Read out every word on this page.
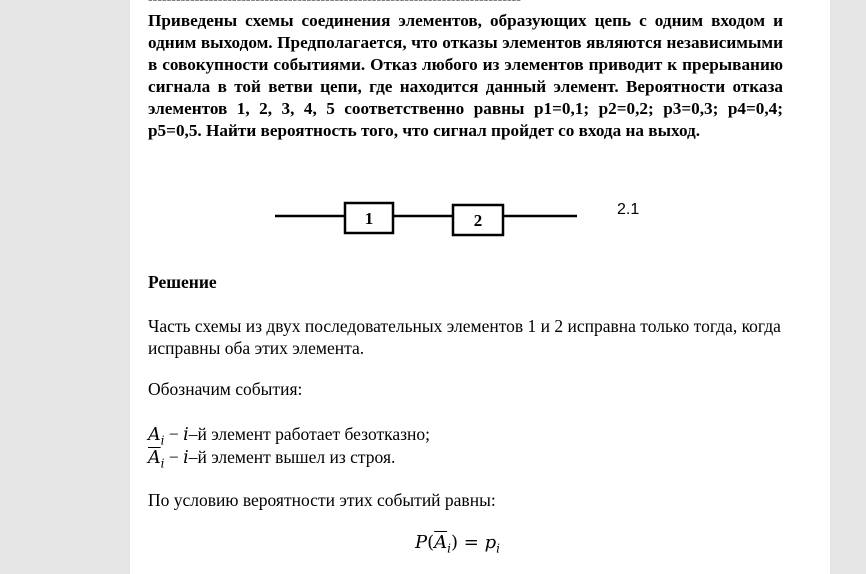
Приведены схемы соединения элементов, образующих цепь с одним входом и одним выходом. Предполагается, что отказы элементов являются независимыми в совокупности событиями. Отказ любого из элементов приводит к прерыванию сигнала в той ветви цепи, где находится данный элемент. Вероятности отказа элементов 1, 2, 3, 4, 5 соответственно равны p1=0,1; p2=0,2; p3=0,3; p4=0,4; p5=0,5. Найти вероятность того, что сигнал пройдет со входа на выход.
1	2
2.1
Решение
Часть схемы из двух последовательных элементов 1 и 2 исправна только тогда, когда исправны оба этих элемента.
Обозначим события:
$A_i - i-й$ элемент работает безотказно;
$\overline{A}_i - i-й$ элемент вышел из строя.
По условию вероятности этих событий равны:
$P(\overline{A}_i) = p_i$
